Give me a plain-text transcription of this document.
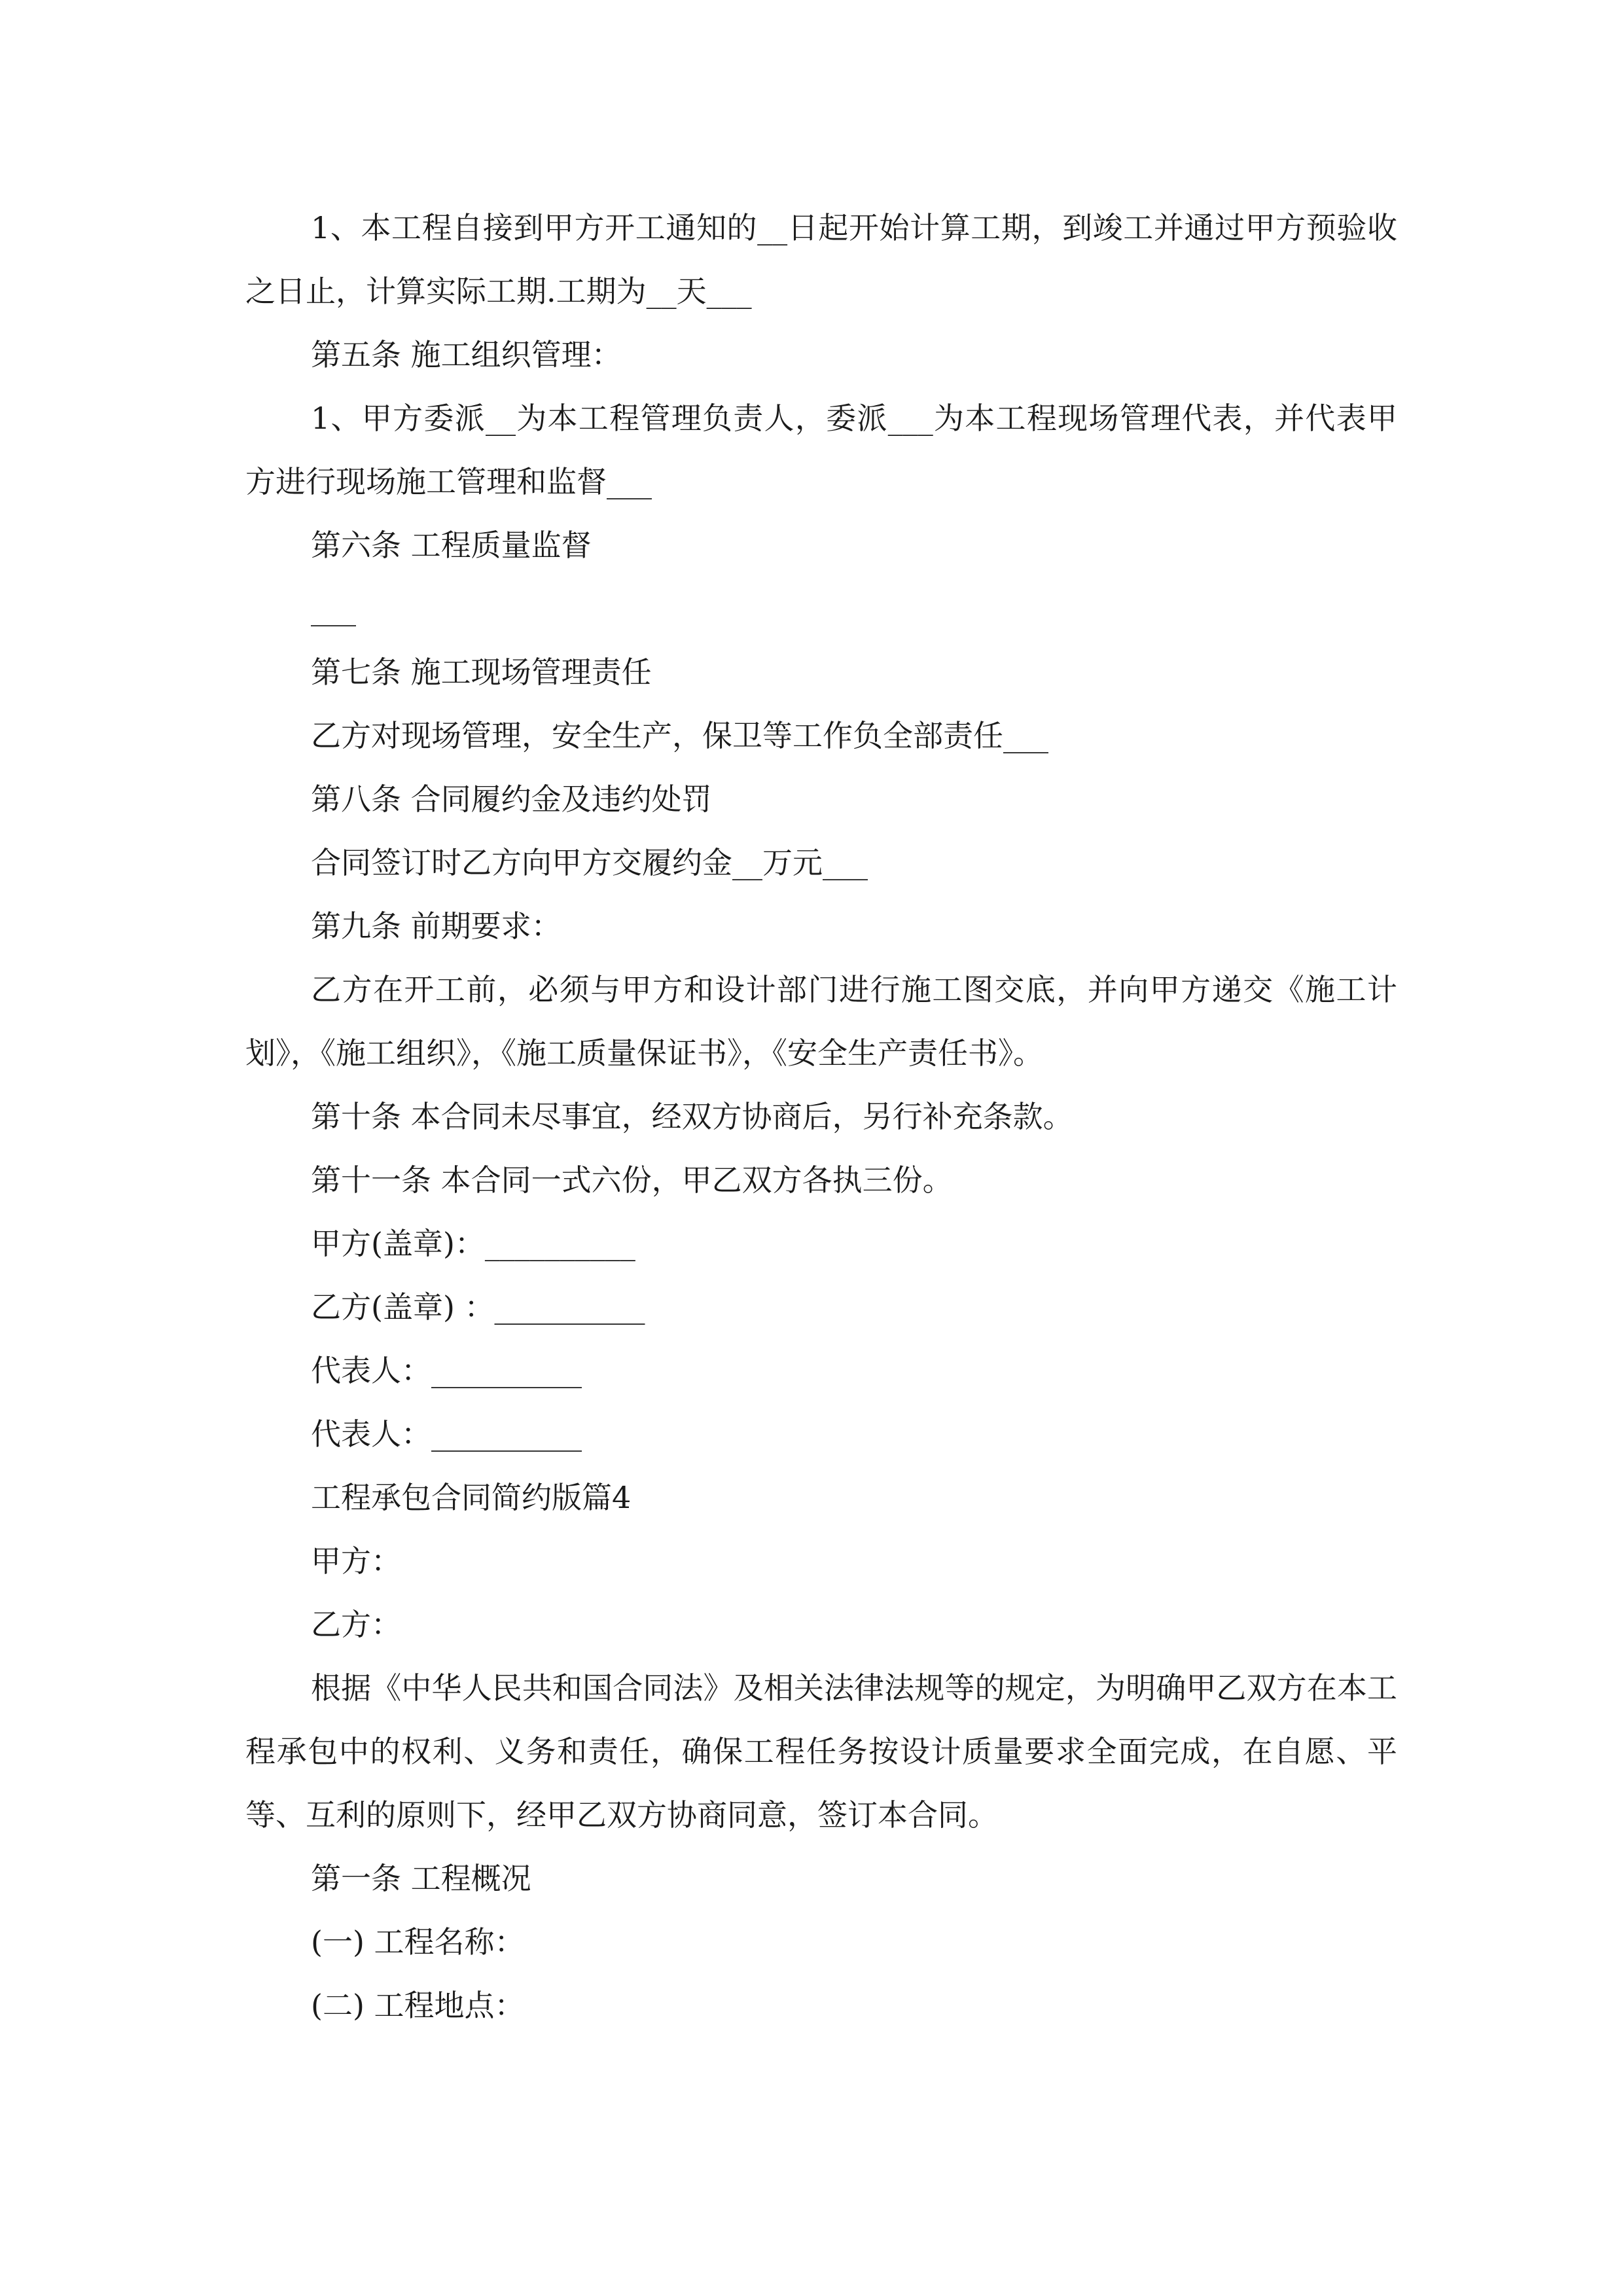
1、本工程自接到甲方开工通知的__日起开始计算工期，到竣工并通过甲方预验收之日止，计算实际工期.工期为__天___

第五条 施工组织管理：

1、甲方委派__为本工程管理负责人，委派___为本工程现场管理代表，并代表甲方进行现场施工管理和监督___

第六条 工程质量监督

___

第七条 施工现场管理责任

乙方对现场管理，安全生产，保卫等工作负全部责任___

第八条 合同履约金及违约处罚

合同签订时乙方向甲方交履约金__万元___

第九条 前期要求：

乙方在开工前，必须与甲方和设计部门进行施工图交底，并向甲方递交《施工计划》，《施工组织》，《施工质量保证书》，《安全生产责任书》。

第十条 本合同未尽事宜，经双方协商后，另行补充条款。

第十一条 本合同一式六份，甲乙双方各执三份。

甲方(盖章)：__________

乙方(盖章) ：__________

代表人：__________

代表人：__________

工程承包合同简约版篇4

甲方：

乙方：

根据《中华人民共和国合同法》及相关法律法规等的规定，为明确甲乙双方在本工程承包中的权利、义务和责任，确保工程任务按设计质量要求全面完成，在自愿、平等、互利的原则下，经甲乙双方协商同意，签订本合同。

第一条 工程概况

(一) 工程名称：

(二) 工程地点：
